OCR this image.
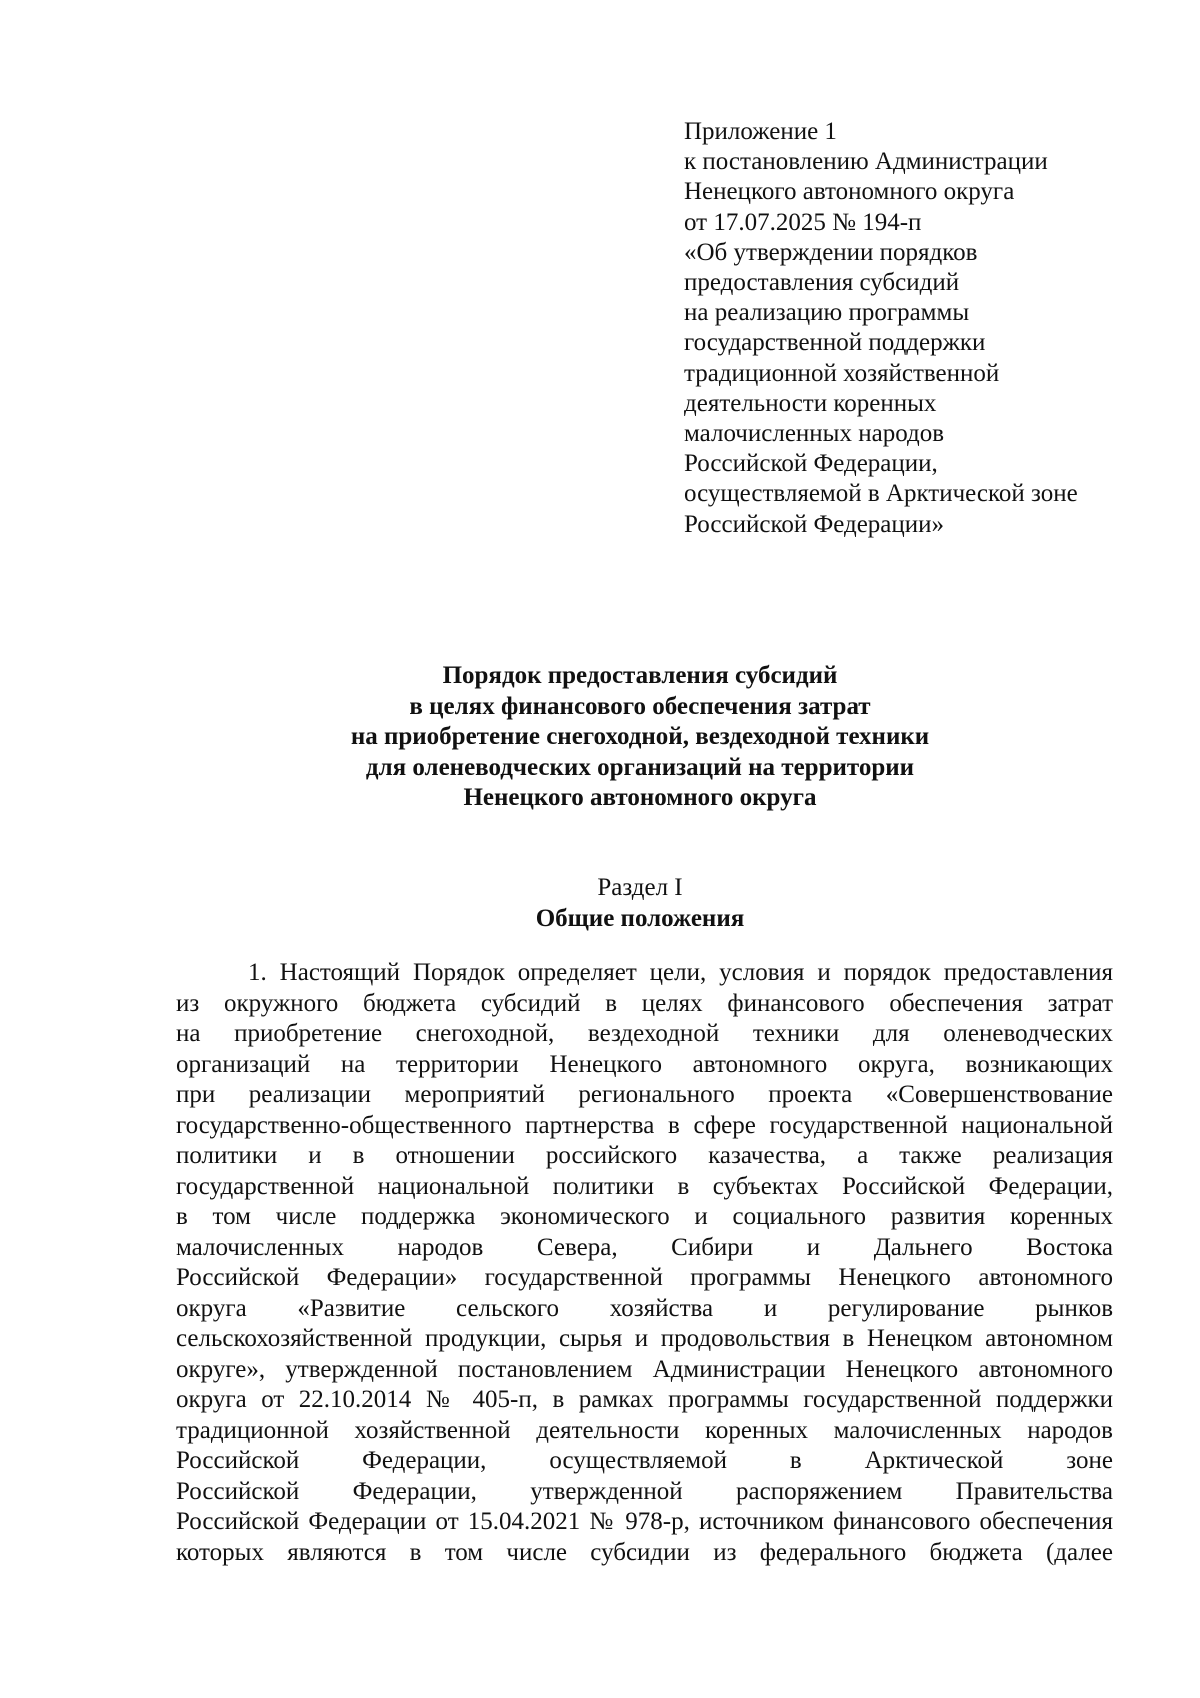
Приложение 1
к постановлению Администрации
Ненецкого автономного округа
от 17.07.2025 № 194-п
«Об утверждении порядков
предоставления субсидий
на реализацию программы
государственной поддержки
традиционной хозяйственной
деятельности коренных
малочисленных народов
Российской Федерации,
осуществляемой в Арктической зоне
Российской Федерации»
Порядок предоставления субсидий
в целях финансового обеспечения затрат
на приобретение снегоходной, вездеходной техники
для оленеводческих организаций на территории
Ненецкого автономного округа
Раздел I
Общие положения
1. Настоящий Порядок определяет цели, условия и порядок предоставления
из окружного бюджета субсидий в целях финансового обеспечения затрат
на приобретение снегоходной, вездеходной техники для оленеводческих
организаций на территории Ненецкого автономного округа, возникающих
при реализации мероприятий регионального проекта «Совершенствование
государственно-общественного партнерства в сфере государственной национальной
политики и в отношении российского казачества, а также реализация
государственной национальной политики в субъектах Российской Федерации,
в том числе поддержка экономического и социального развития коренных
малочисленных народов Севера, Сибири и Дальнего Востока
Российской Федерации» государственной программы Ненецкого автономного
округа «Развитие сельского хозяйства и регулирование рынков
сельскохозяйственной продукции, сырья и продовольствия в Ненецком автономном
округе», утвержденной постановлением Администрации Ненецкого автономного
округа от 22.10.2014 № 405-п, в рамках программы государственной поддержки
традиционной хозяйственной деятельности коренных малочисленных народов
Российской Федерации, осуществляемой в Арктической зоне
Российской Федерации, утвержденной распоряжением Правительства
Российской Федерации от 15.04.2021 № 978-р, источником финансового обеспечения
которых являются в том числе субсидии из федерального бюджета (далее
